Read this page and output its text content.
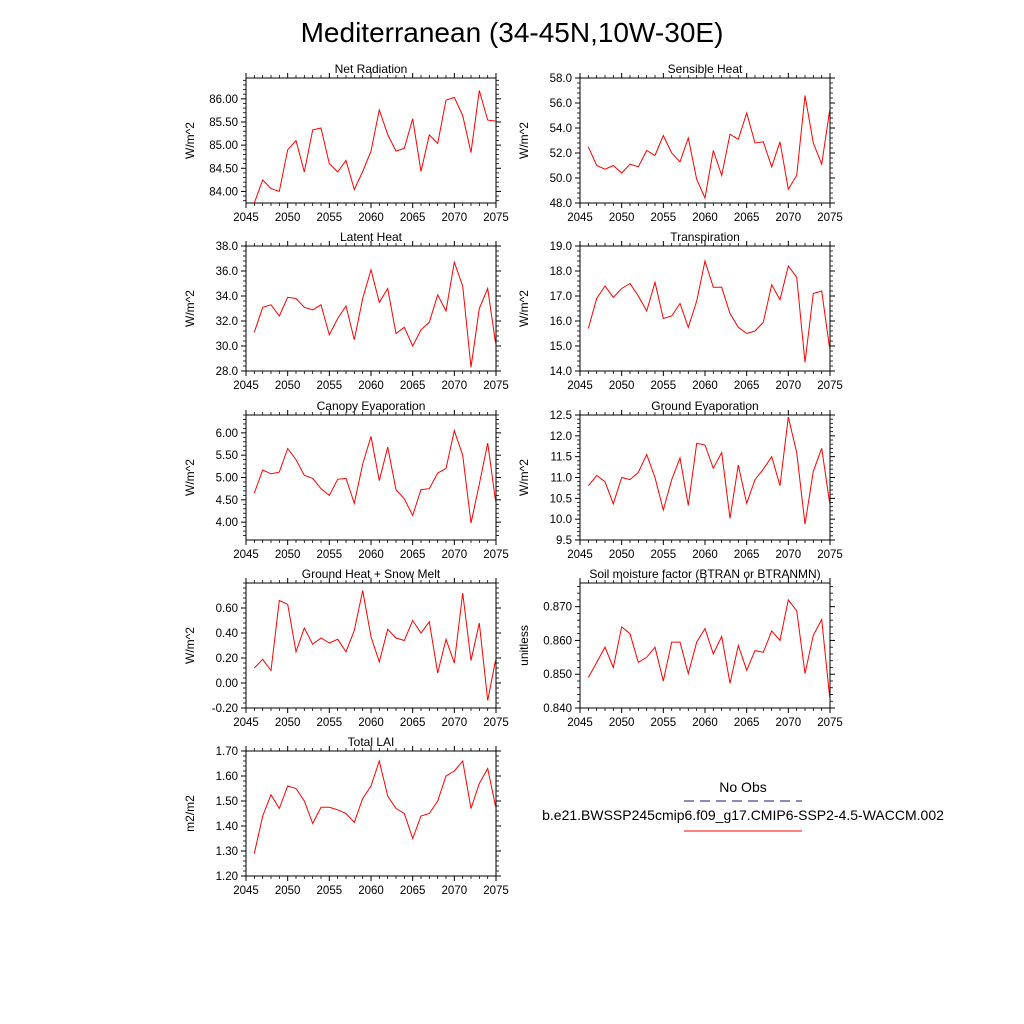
Mediterranean (34-45N,10W-30E)
Net Radiation
W/m^2
2045 2050 2055 2060 2065 2070 2075
84.00
84.50
85.00
85.50
86.00
Sensible Heat
W/m^2
2045 2050 2055 2060 2065 2070 2075
48.0
50.0
52.0
54.0
56.0
58.0
Latent Heat
W/m^2
2045 2050 2055 2060 2065 2070 2075
28.0
30.0
32.0
34.0
36.0
38.0
Transpiration
W/m^2
2045 2050 2055 2060 2065 2070 2075
14.0
15.0
16.0
17.0
18.0
19.0
Canopy Evaporation
W/m^2
2045 2050 2055 2060 2065 2070 2075
4.00
4.50
5.00
5.50
6.00
Ground Evaporation
W/m^2
2045 2050 2055 2060 2065 2070 2075
9.5
10.0
10.5
11.0
11.5
12.0
12.5
Ground Heat + Snow Melt
W/m^2
2045 2050 2055 2060 2065 2070 2075
-0.20
0.00
0.20
0.40
0.60
Soil moisture factor (BTRAN or BTRANMN)
unitless
2045 2050 2055 2060 2065 2070 2075
0.840
0.850
0.860
0.870
Total LAI
m2/m2
2045 2050 2055 2060 2065 2070 2075
1.20
1.30
1.40
1.50
1.60
1.70
No Obs
b.e21.BWSSP245cmip6.f09_g17.CMIP6-SSP2-4.5-WACCM.002
